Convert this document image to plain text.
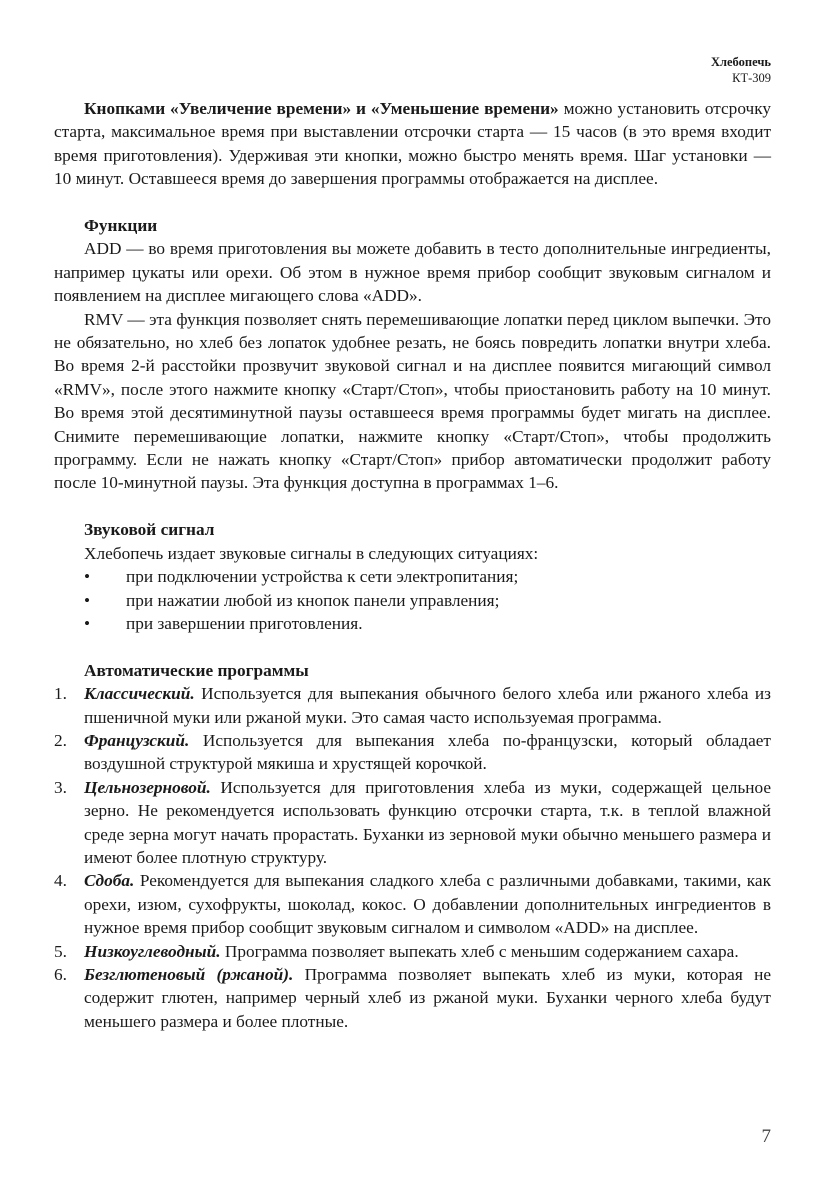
Хлебопечь
КТ-309

Кнопками «Увеличение времени» и «Уменьшение времени» можно установить отсрочку старта, максимальное время при выставлении отсрочки старта — 15 часов (в это время входит время приготовления). Удерживая эти кнопки, можно быстро менять время. Шаг установки — 10 минут. Оставшееся время до завершения программы отображается на дисплее.

Функции

ADD — во время приготовления вы можете добавить в тесто дополнительные ингредиенты, например цукаты или орехи. Об этом в нужное время прибор сообщит звуковым сигналом и появлением на дисплее мигающего слова «ADD».

RMV — эта функция позволяет снять перемешивающие лопатки перед циклом выпечки. Это не обязательно, но хлеб без лопаток удобнее резать, не боясь повредить лопатки внутри хлеба. Во время 2-й расстойки прозвучит звуковой сигнал и на дисплее появится мигающий символ «RMV», после этого нажмите кнопку «Старт/Стоп», чтобы приостановить работу на 10 минут. Во время этой десятиминутной паузы оставшееся время программы будет мигать на дисплее. Снимите перемешивающие лопатки, нажмите кнопку «Старт/Стоп», чтобы продолжить программу. Если не нажать кнопку «Старт/Стоп» прибор автоматически продолжит работу после 10-минутной паузы. Эта функция доступна в программах 1–6.

Звуковой сигнал

Хлебопечь издает звуковые сигналы в следующих ситуациях:

• при подключении устройства к сети электропитания;
• при нажатии любой из кнопок панели управления;
• при завершении приготовления.
Автоматические программы
1. Классический. Используется для выпекания обычного белого хлеба или ржаного хлеба из пшеничной муки или ржаной муки. Это самая часто используемая программа.
2. Французский. Используется для выпекания хлеба по-французски, который обладает воздушной структурой мякиша и хрустящей корочкой.
3. Цельнозерновой. Используется для приготовления хлеба из муки, содержащей цельное зерно. Не рекомендуется использовать функцию отсрочки старта, т.к. в теплой влажной среде зерна могут начать прорастать. Буханки из зерновой муки обычно меньшего размера и имеют более плотную структуру.
4. Сдоба. Рекомендуется для выпекания сладкого хлеба с различными добавками, такими, как орехи, изюм, сухофрукты, шоколад, кокос. О добавлении дополнительных ингредиентов в нужное время прибор сообщит звуковым сигналом и символом «ADD» на дисплее.
5. Низкоуглеводный. Программа позволяет выпекать хлеб с меньшим содержанием сахара.
6. Безглютеновый (ржаной). Программа позволяет выпекать хлеб из муки, которая не содержит глютен, например черный хлеб из ржаной муки. Буханки черного хлеба будут меньшего размера и более плотные.
7
